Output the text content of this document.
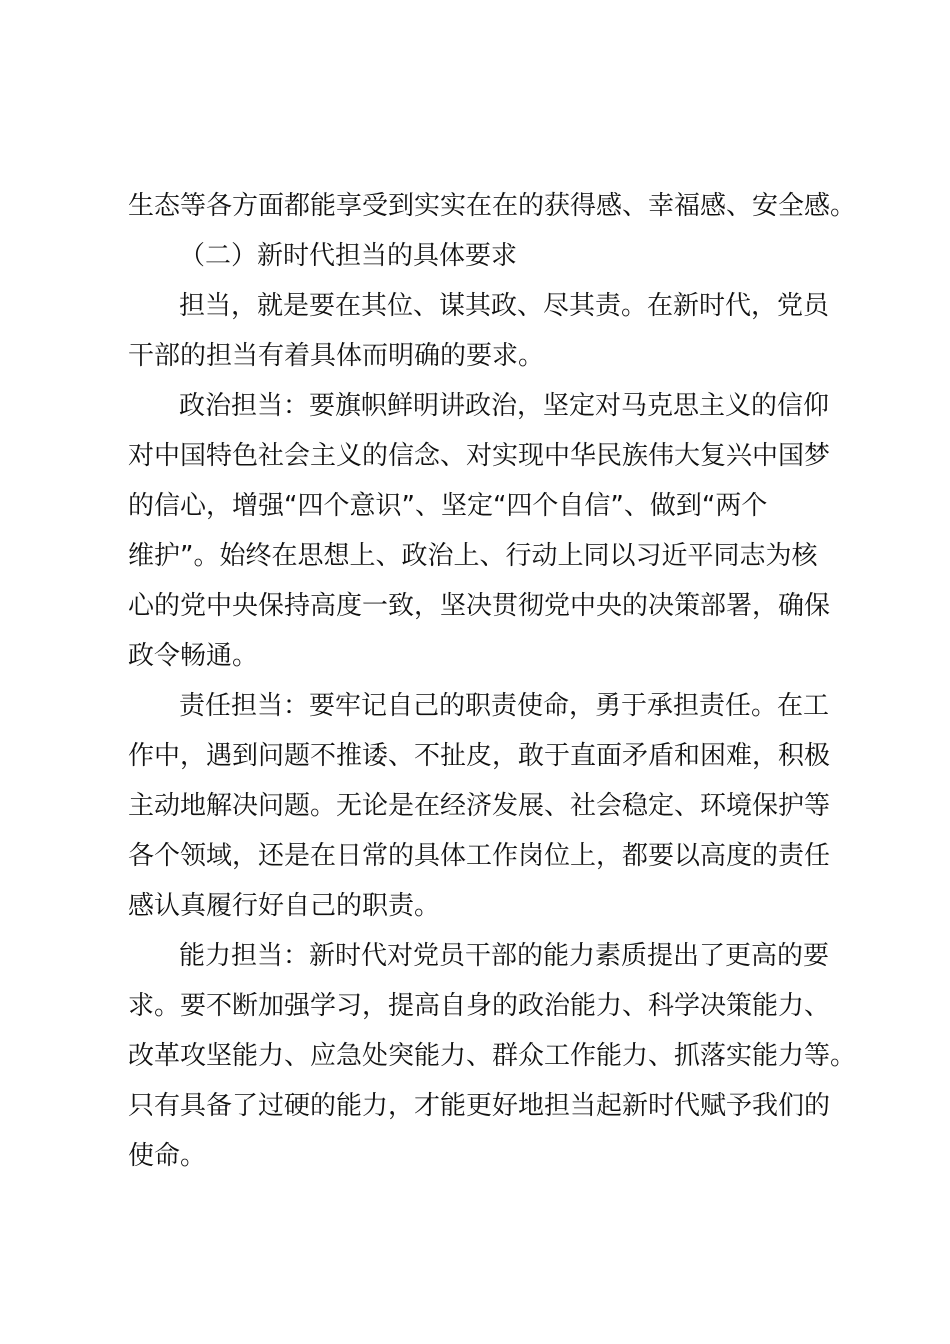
生态等各方面都能享受到实实在在的获得感、幸福感、安全感。
（二）新时代担当的具体要求
担当，就是要在其位、谋其政、尽其责。在新时代，党员
干部的担当有着具体而明确的要求。
政治担当：要旗帜鲜明讲政治，坚定对马克思主义的信仰
对中国特色社会主义的信念、对实现中华民族伟大复兴中国梦
的信心，增强“四个意识”、坚定“四个自信”、做到“两个
维护”。始终在思想上、政治上、行动上同以习近平同志为核
心的党中央保持高度一致，坚决贯彻党中央的决策部署，确保
政令畅通。
责任担当：要牢记自己的职责使命，勇于承担责任。在工
作中，遇到问题不推诿、不扯皮，敢于直面矛盾和困难，积极
主动地解决问题。无论是在经济发展、社会稳定、环境保护等
各个领域，还是在日常的具体工作岗位上，都要以高度的责任
感认真履行好自己的职责。
能力担当：新时代对党员干部的能力素质提出了更高的要
求。要不断加强学习，提高自身的政治能力、科学决策能力、
改革攻坚能力、应急处突能力、群众工作能力、抓落实能力等。
只有具备了过硬的能力，才能更好地担当起新时代赋予我们的
使命。
